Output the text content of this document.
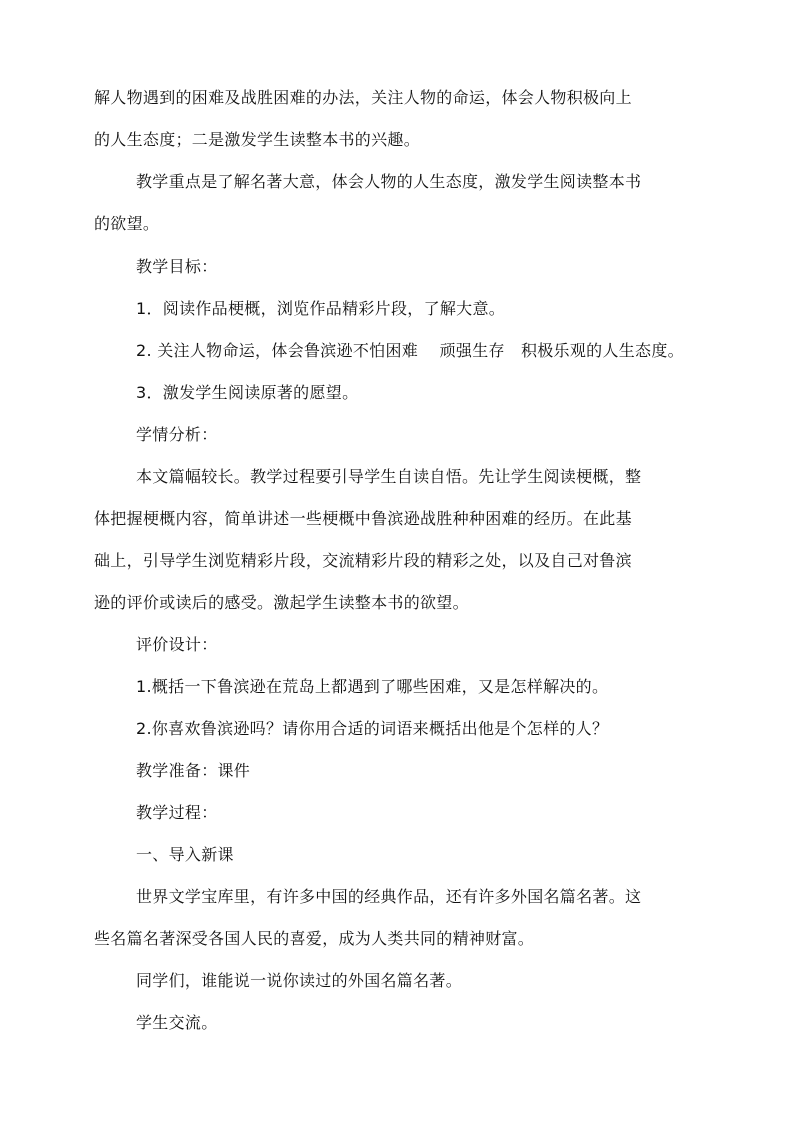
解人物遇到的困难及战胜困难的办法，关注人物的命运，体会人物积极向上
的人生态度；二是激发学生读整本书的兴趣。
教学重点是了解名著大意，体会人物的人生态度，激发学生阅读整本书
的欲望。
教学目标：
1．阅读作品梗概，浏览作品精彩片段，了解大意。
2. 关注人物命运，体会鲁滨逊不怕困难    顽强生存   积极乐观的人生态度。
3．激发学生阅读原著的愿望。
学情分析：
本文篇幅较长。教学过程要引导学生自读自悟。先让学生阅读梗概，整
体把握梗概内容，简单讲述一些梗概中鲁滨逊战胜种种困难的经历。在此基
础上，引导学生浏览精彩片段，交流精彩片段的精彩之处，以及自己对鲁滨
逊的评价或读后的感受。激起学生读整本书的欲望。
评价设计：
1.概括一下鲁滨逊在荒岛上都遇到了哪些困难，又是怎样解决的。
2.你喜欢鲁滨逊吗？请你用合适的词语来概括出他是个怎样的人？
教学准备：课件
教学过程：
一、导入新课
世界文学宝库里，有许多中国的经典作品，还有许多外国名篇名著。这
些名篇名著深受各国人民的喜爱，成为人类共同的精神财富。
同学们，谁能说一说你读过的外国名篇名著。
学生交流。
